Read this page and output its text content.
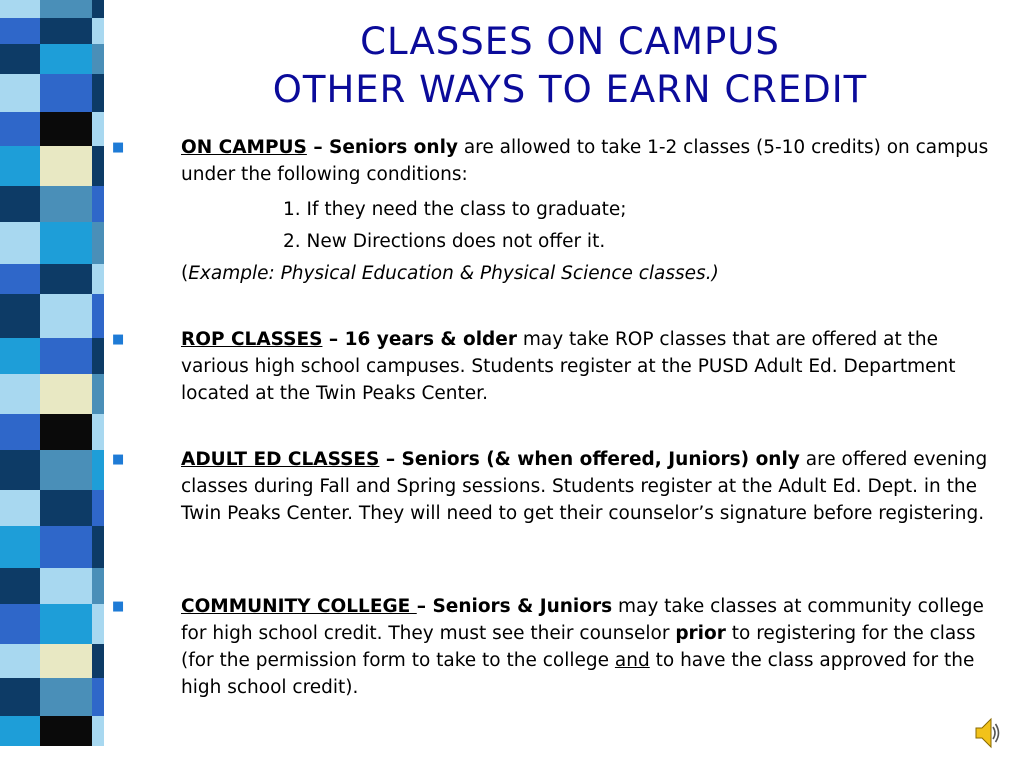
CLASSES ON CAMPUS
OTHER WAYS TO EARN CREDIT
■	ON CAMPUS – Seniors only are allowed to take 1-2 classes (5-10 credits) on campus under the following conditions:
1. If they need the class to graduate;
2. New Directions does not offer it.
(Example: Physical Education & Physical Science classes.)
■	ROP CLASSES – 16 years & older may take ROP classes that are offered at the various high school campuses. Students register at the PUSD Adult Ed. Department located at the Twin Peaks Center.
■	ADULT ED CLASSES – Seniors (& when offered, Juniors) only are offered evening classes during Fall and Spring sessions. Students register at the Adult Ed. Dept. in the Twin Peaks Center. They will need to get their counselor’s signature before registering.
■	COMMUNITY COLLEGE – Seniors & Juniors may take classes at community college for high school credit. They must see their counselor prior to registering for the class (for the permission form to take to the college and to have the class approved for the high school credit).
